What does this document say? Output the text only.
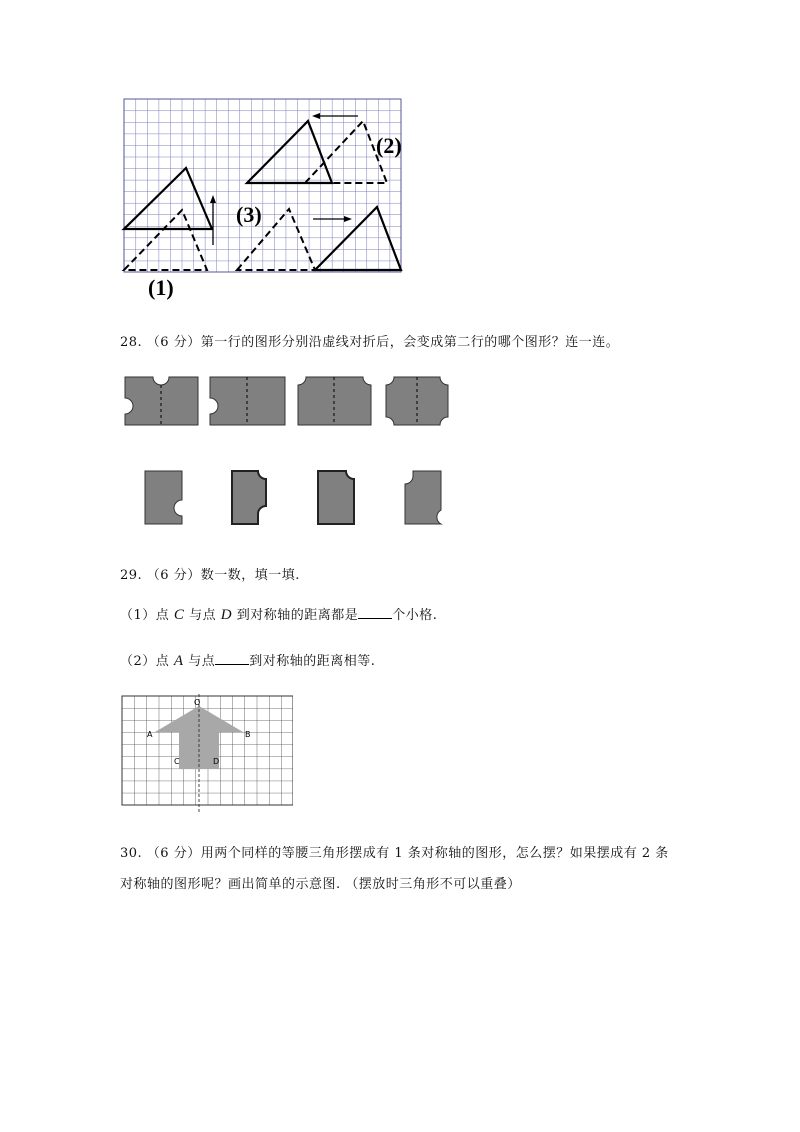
(2)
(3)
(1)
28. （6 分）第一行的图形分别沿虚线对折后，会变成第二行的哪个图形？连一连。
29. （6 分）数一数，填一填.
（1）点 C 与点 D 到对称轴的距离都是	个小格.
（2）点 A 与点	到对称轴的距离相等.
O
A	B
C	D
30. （6 分）用两个同样的等腰三角形摆成有 1 条对称轴的图形，怎么摆？如果摆成有 2 条
对称轴的图形呢？画出简单的示意图. （摆放时三角形不可以重叠）
